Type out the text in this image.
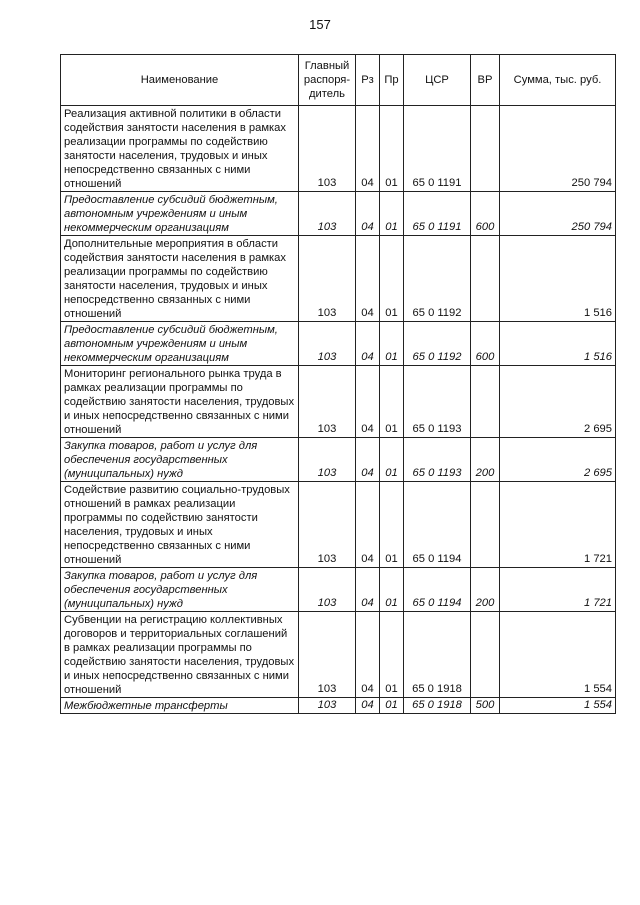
157
Наименование	Главный распоря-дитель	Рз	Пр	ЦСР	ВР	Сумма, тыс. руб.
Реализация активной политики в области содействия занятости населения в рамках реализации программы по содействию занятости населения, трудовых и иных непосредственно связанных с ними отношений	103	04	01	65 0 1191		250 794
Предоставление субсидий бюджетным, автономным учреждениям и иным некоммерческим организациям	103	04	01	65 0 1191	600	250 794
Дополнительные мероприятия в области содействия занятости населения в рамках реализации программы по содействию занятости населения, трудовых и иных непосредственно связанных с ними отношений	103	04	01	65 0 1192		1 516
Предоставление субсидий бюджетным, автономным учреждениям и иным некоммерческим организациям	103	04	01	65 0 1192	600	1 516
Мониторинг регионального рынка труда в рамках реализации программы по содействию занятости населения, трудовых и иных непосредственно связанных с ними отношений	103	04	01	65 0 1193		2 695
Закупка товаров, работ и услуг для обеспечения государственных (муниципальных) нужд	103	04	01	65 0 1193	200	2 695
Содействие развитию социально-трудовых отношений в рамках реализации программы по содействию занятости населения, трудовых и иных непосредственно связанных с ними отношений	103	04	01	65 0 1194		1 721
Закупка товаров, работ и услуг для обеспечения государственных (муниципальных) нужд	103	04	01	65 0 1194	200	1 721
Субвенции на регистрацию коллективных договоров и территориальных соглашений в рамках реализации программы по содействию занятости населения, трудовых и иных непосредственно связанных с ними отношений	103	04	01	65 0 1918		1 554
Межбюджетные трансферты	103	04	01	65 0 1918	500	1 554
